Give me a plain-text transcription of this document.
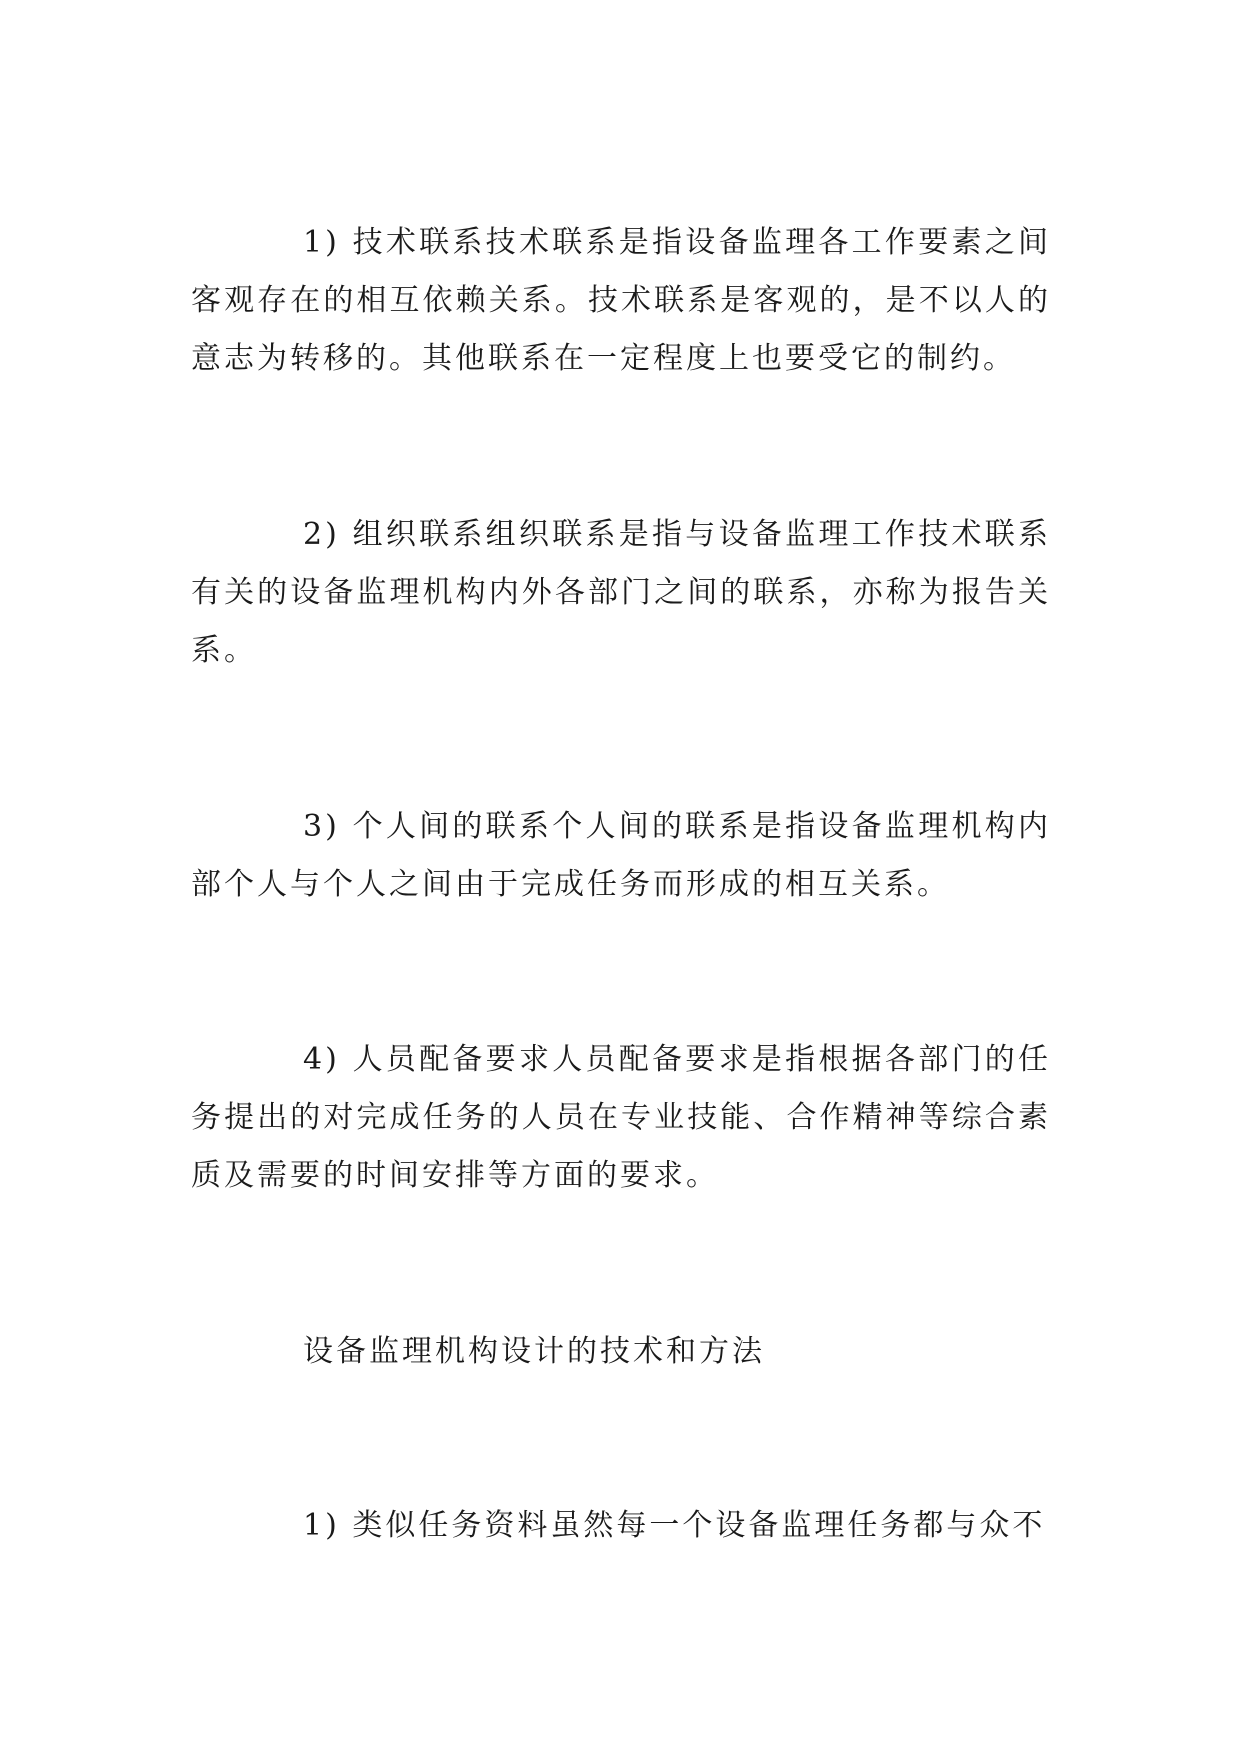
1) 技术联系技术联系是指设备监理各工作要素之间客观存在的相互依赖关系。技术联系是客观的，是不以人的意志为转移的。其他联系在一定程度上也要受它的制约。

2) 组织联系组织联系是指与设备监理工作技术联系有关的设备监理机构内外各部门之间的联系，亦称为报告关系。

3) 个人间的联系个人间的联系是指设备监理机构内部个人与个人之间由于完成任务而形成的相互关系。

4) 人员配备要求人员配备要求是指根据各部门的任务提出的对完成任务的人员在专业技能、合作精神等综合素质及需要的时间安排等方面的要求。

设备监理机构设计的技术和方法

1) 类似任务资料虽然每一个设备监理任务都与众不
